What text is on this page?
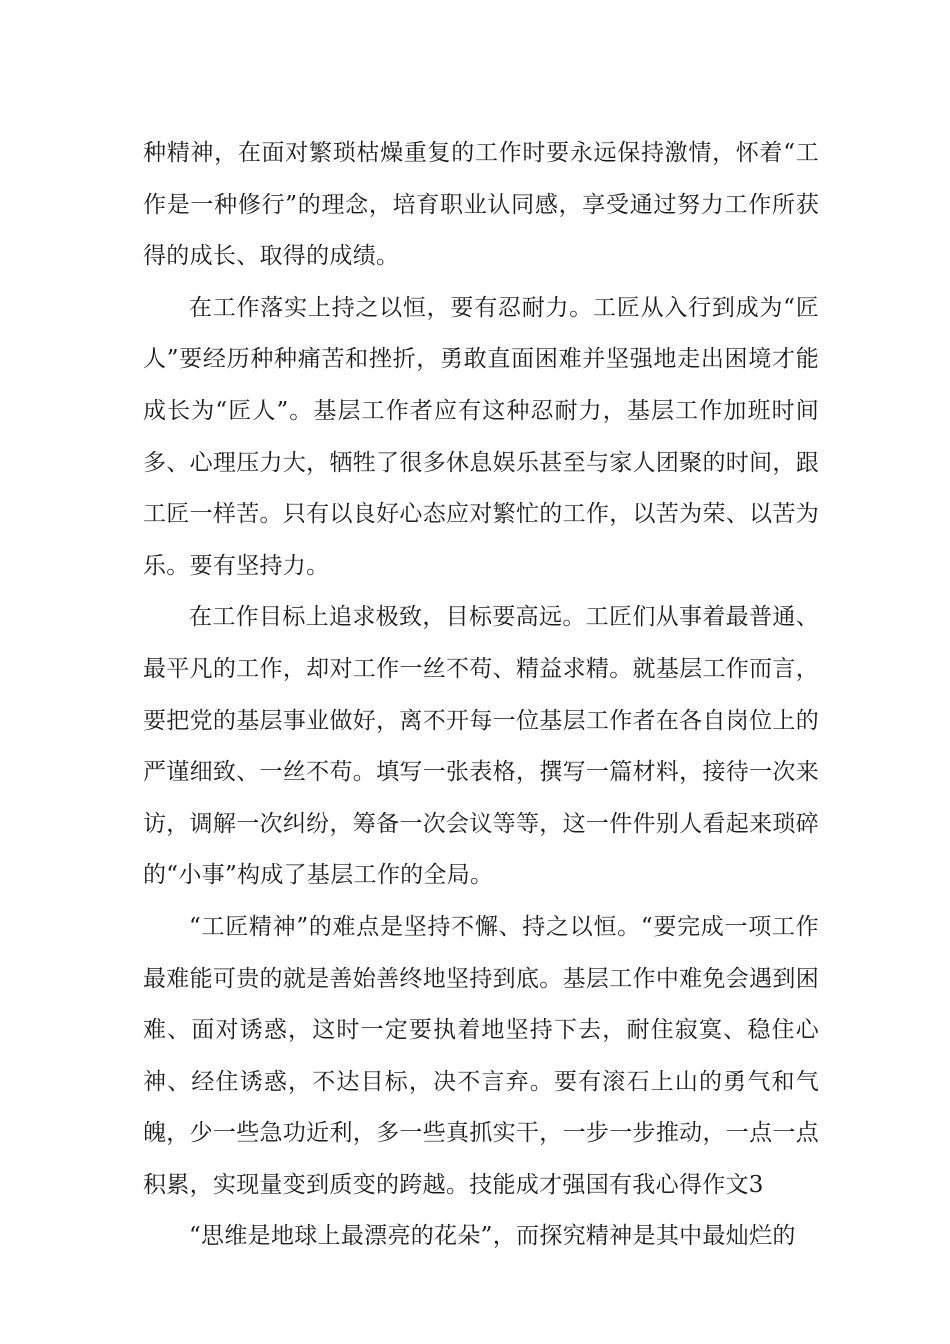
种精神，在面对繁琐枯燥重复的工作时要永远保持激情，怀着“工作是一种修行”的理念，培育职业认同感，享受通过努力工作所获得的成长、取得的成绩。

在工作落实上持之以恒，要有忍耐力。工匠从入行到成为“匠人”要经历种种痛苦和挫折，勇敢直面困难并坚强地走出困境才能成长为“匠人”。基层工作者应有这种忍耐力，基层工作加班时间多、心理压力大，牺牲了很多休息娱乐甚至与家人团聚的时间，跟工匠一样苦。只有以良好心态应对繁忙的工作，以苦为荣、以苦为乐。要有坚持力。

在工作目标上追求极致，目标要高远。工匠们从事着最普通、最平凡的工作，却对工作一丝不苟、精益求精。就基层工作而言，要把党的基层事业做好，离不开每一位基层工作者在各自岗位上的严谨细致、一丝不苟。填写一张表格，撰写一篇材料，接待一次来访，调解一次纠纷，筹备一次会议等等，这一件件别人看起来琐碎的“小事”构成了基层工作的全局。

“工匠精神”的难点是坚持不懈、持之以恒。“要完成一项工作最难能可贵的就是善始善终地坚持到底。基层工作中难免会遇到困难、面对诱惑，这时一定要执着地坚持下去，耐住寂寞、稳住心神、经住诱惑，不达目标，决不言弃。要有滚石上山的勇气和气魄，少一些急功近利，多一些真抓实干，一步一步推动，一点一点积累，实现量变到质变的跨越。技能成才强国有我心得作文3

“思维是地球上最漂亮的花朵”，而探究精神是其中最灿烂的
